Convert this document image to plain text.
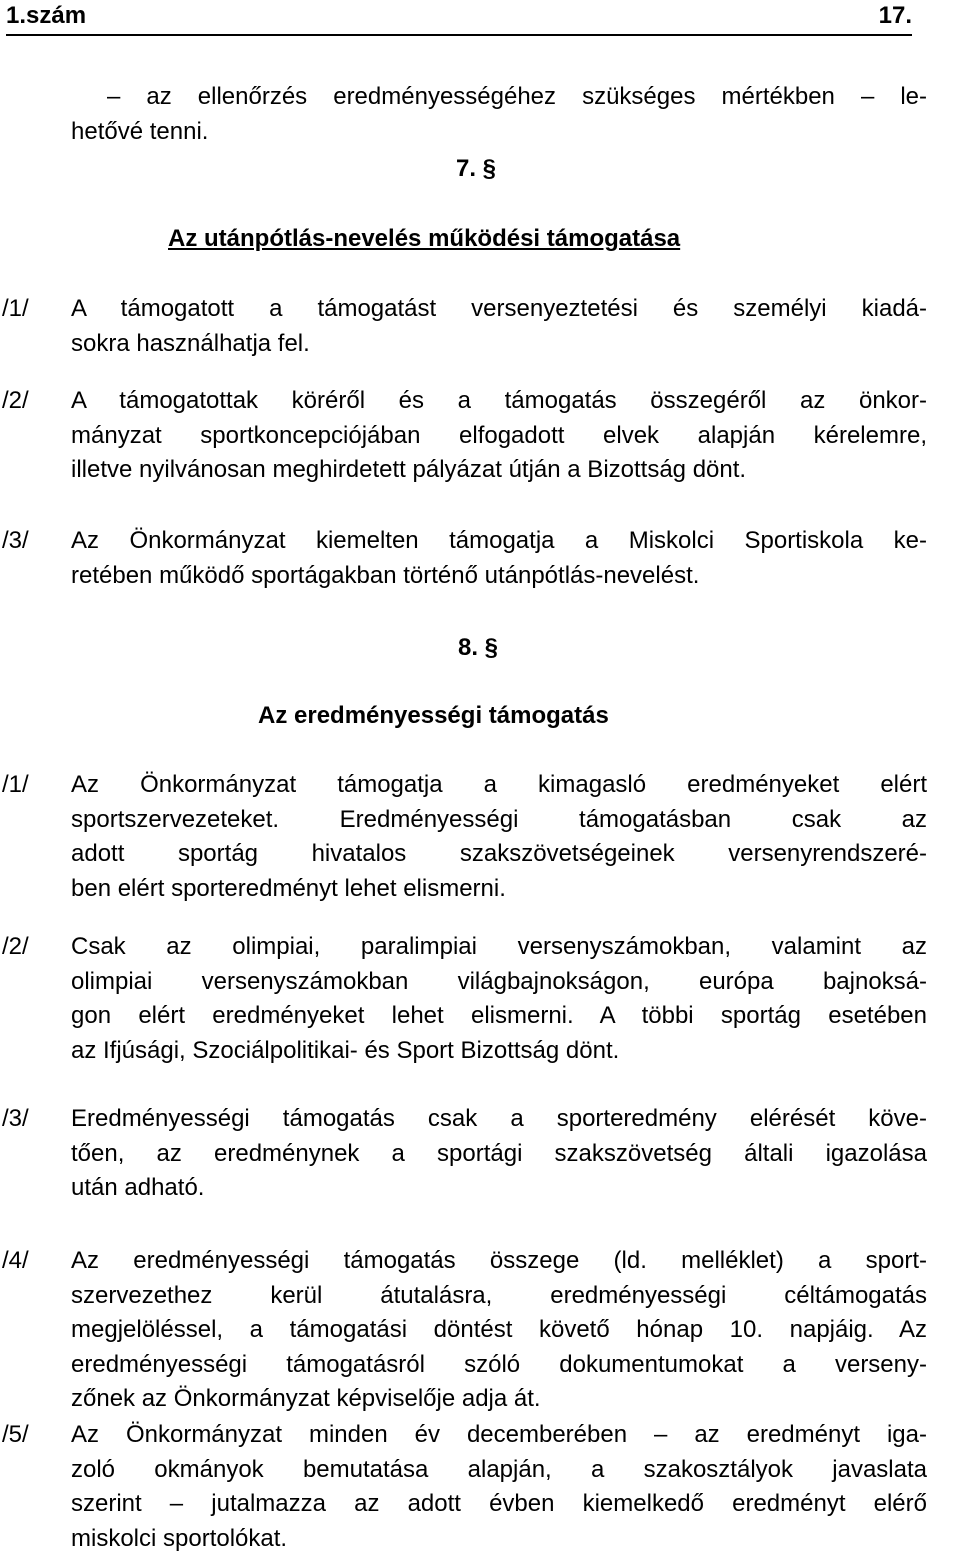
1.szám	17.
– az ellenőrzés eredményességéhez szükséges mértékben – le-
hetővé tenni.
7. §
Az utánpótlás-nevelés működési támogatása
/1/ A támogatott a támogatást versenyeztetési és személyi kiadá-
sokra használhatja fel.
/2/ A támogatottak köréről és a támogatás összegéről az önkor-
mányzat sportkoncepciójában elfogadott elvek alapján kérelemre,
illetve nyilvánosan meghirdetett pályázat útján a Bizottság dönt.
/3/ Az Önkormányzat kiemelten támogatja a Miskolci Sportiskola ke-
retében működő sportágakban történő utánpótlás-nevelést.
8. §
Az eredményességi támogatás
/1/ Az Önkormányzat támogatja a kimagasló eredményeket elért
sportszervezeteket. Eredményességi támogatásban csak az
adott sportág hivatalos szakszövetségeinek versenyrendszeré-
ben elért sporteredményt lehet elismerni.
/2/ Csak az olimpiai, paralimpiai versenyszámokban, valamint az
olimpiai versenyszámokban világbajnokságon, európa bajnoksá-
gon elért eredményeket lehet elismerni. A többi sportág esetében
az Ifjúsági, Szociálpolitikai- és Sport Bizottság dönt.
/3/ Eredményességi támogatás csak a sporteredmény elérését köve-
tően, az eredménynek a sportági szakszövetség általi igazolása
után adható.
/4/ Az eredményességi támogatás összege (ld. melléklet) a sport-
szervezethez kerül átutalásra, eredményességi céltámogatás
megjelöléssel, a támogatási döntést követő hónap 10. napjáig. Az
eredményességi támogatásról szóló dokumentumokat a verseny-
zőnek az Önkormányzat képviselője adja át.
/5/ Az Önkormányzat minden év decemberében – az eredményt iga-
zoló okmányok bemutatása alapján, a szakosztályok javaslata
szerint – jutalmazza az adott évben kiemelkedő eredményt elérő
miskolci sportolókat.
